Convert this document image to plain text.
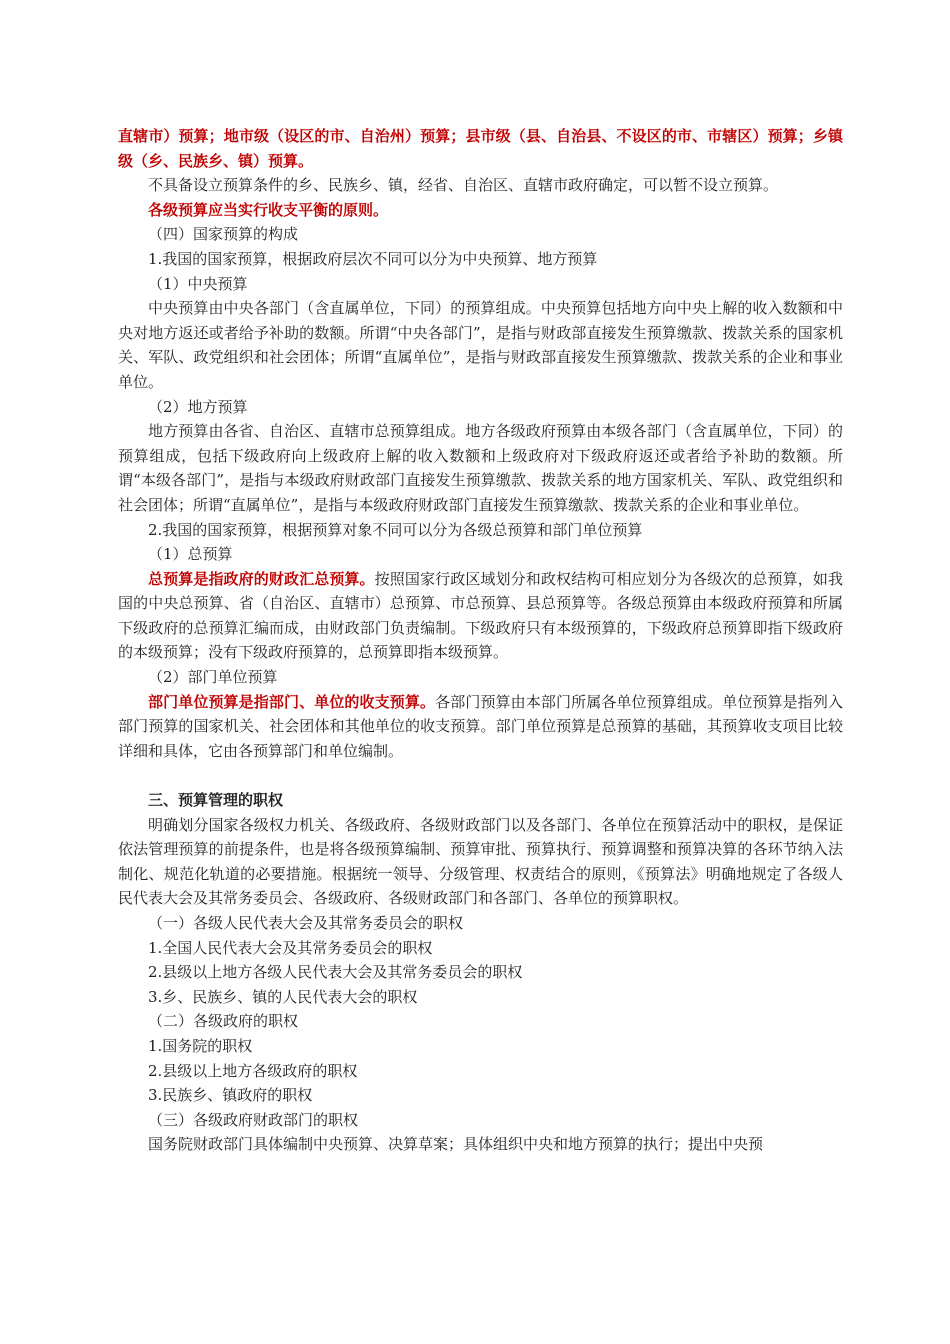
直辖市）预算；地市级（设区的市、自治州）预算；县市级（县、自治县、不设区的市、市辖区）预算；乡镇级（乡、民族乡、镇）预算。

不具备设立预算条件的乡、民族乡、镇，经省、自治区、直辖市政府确定，可以暂不设立预算。

各级预算应当实行收支平衡的原则。

（四）国家预算的构成

1.我国的国家预算，根据政府层次不同可以分为中央预算、地方预算

（1）中央预算

中央预算由中央各部门（含直属单位，下同）的预算组成。中央预算包括地方向中央上解的收入数额和中央对地方返还或者给予补助的数额。所谓“中央各部门”，是指与财政部直接发生预算缴款、拨款关系的国家机关、军队、政党组织和社会团体；所谓“直属单位”，是指与财政部直接发生预算缴款、拨款关系的企业和事业单位。

（2）地方预算

地方预算由各省、自治区、直辖市总预算组成。地方各级政府预算由本级各部门（含直属单位，下同）的预算组成，包括下级政府向上级政府上解的收入数额和上级政府对下级政府返还或者给予补助的数额。所谓“本级各部门”，是指与本级政府财政部门直接发生预算缴款、拨款关系的地方国家机关、军队、政党组织和社会团体；所谓“直属单位”，是指与本级政府财政部门直接发生预算缴款、拨款关系的企业和事业单位。

2.我国的国家预算，根据预算对象不同可以分为各级总预算和部门单位预算

（1）总预算

总预算是指政府的财政汇总预算。按照国家行政区域划分和政权结构可相应划分为各级次的总预算，如我国的中央总预算、省（自治区、直辖市）总预算、市总预算、县总预算等。各级总预算由本级政府预算和所属下级政府的总预算汇编而成，由财政部门负责编制。下级政府只有本级预算的，下级政府总预算即指下级政府的本级预算；没有下级政府预算的，总预算即指本级预算。

（2）部门单位预算

部门单位预算是指部门、单位的收支预算。各部门预算由本部门所属各单位预算组成。单位预算是指列入部门预算的国家机关、社会团体和其他单位的收支预算。部门单位预算是总预算的基础，其预算收支项目比较详细和具体，它由各预算部门和单位编制。

三、预算管理的职权

明确划分国家各级权力机关、各级政府、各级财政部门以及各部门、各单位在预算活动中的职权，是保证依法管理预算的前提条件，也是将各级预算编制、预算审批、预算执行、预算调整和预算决算的各环节纳入法制化、规范化轨道的必要措施。根据统一领导、分级管理、权责结合的原则，《预算法》明确地规定了各级人民代表大会及其常务委员会、各级政府、各级财政部门和各部门、各单位的预算职权。

（一）各级人民代表大会及其常务委员会的职权

1.全国人民代表大会及其常务委员会的职权

2.县级以上地方各级人民代表大会及其常务委员会的职权

3.乡、民族乡、镇的人民代表大会的职权

（二）各级政府的职权

1.国务院的职权

2.县级以上地方各级政府的职权

3.民族乡、镇政府的职权

（三）各级政府财政部门的职权

国务院财政部门具体编制中央预算、决算草案；具体组织中央和地方预算的执行；提出中央预
